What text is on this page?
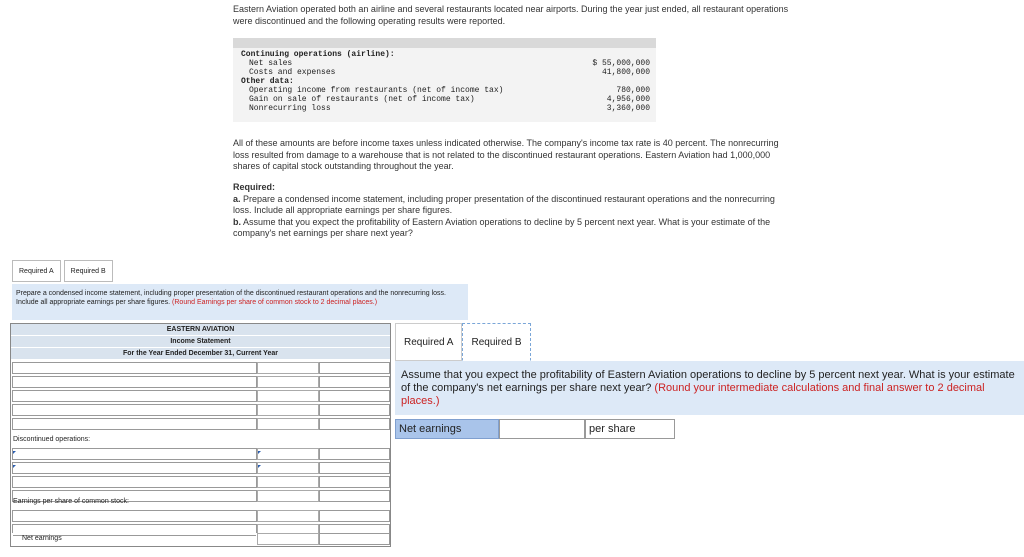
Eastern Aviation operated both an airline and several restaurants located near airports. During the year just ended, all restaurant operations were discontinued and the following operating results were reported.
Continuing operations (airline):
Net sales	$ 55,000,000
Costs and expenses	41,800,000
Other data:
Operating income from restaurants (net of income tax)	780,000
Gain on sale of restaurants (net of income tax)	4,956,000
Nonrecurring loss	3,360,000
All of these amounts are before income taxes unless indicated otherwise. The company's income tax rate is 40 percent. The nonrecurring loss resulted from damage to a warehouse that is not related to the discontinued restaurant operations. Eastern Aviation had 1,000,000 shares of capital stock outstanding throughout the year.
Required:
a. Prepare a condensed income statement, including proper presentation of the discontinued restaurant operations and the nonrecurring loss. Include all appropriate earnings per share figures.
b. Assume that you expect the profitability of Eastern Aviation operations to decline by 5 percent next year. What is your estimate of the company's net earnings per share next year?
Required A	Required B
Prepare a condensed income statement, including proper presentation of the discontinued restaurant operations and the nonrecurring loss. Include all appropriate earnings per share figures. (Round Earnings per share of common stock to 2 decimal places.)
EASTERN AVIATION
Income Statement
For the Year Ended December 31, Current Year
Discontinued operations:
Earnings per share of common stock:
Net earnings
Required A	Required B
Assume that you expect the profitability of Eastern Aviation operations to decline by 5 percent next year. What is your estimate of the company's net earnings per share next year? (Round your intermediate calculations and final answer to 2 decimal places.)
Net earnings	per share
